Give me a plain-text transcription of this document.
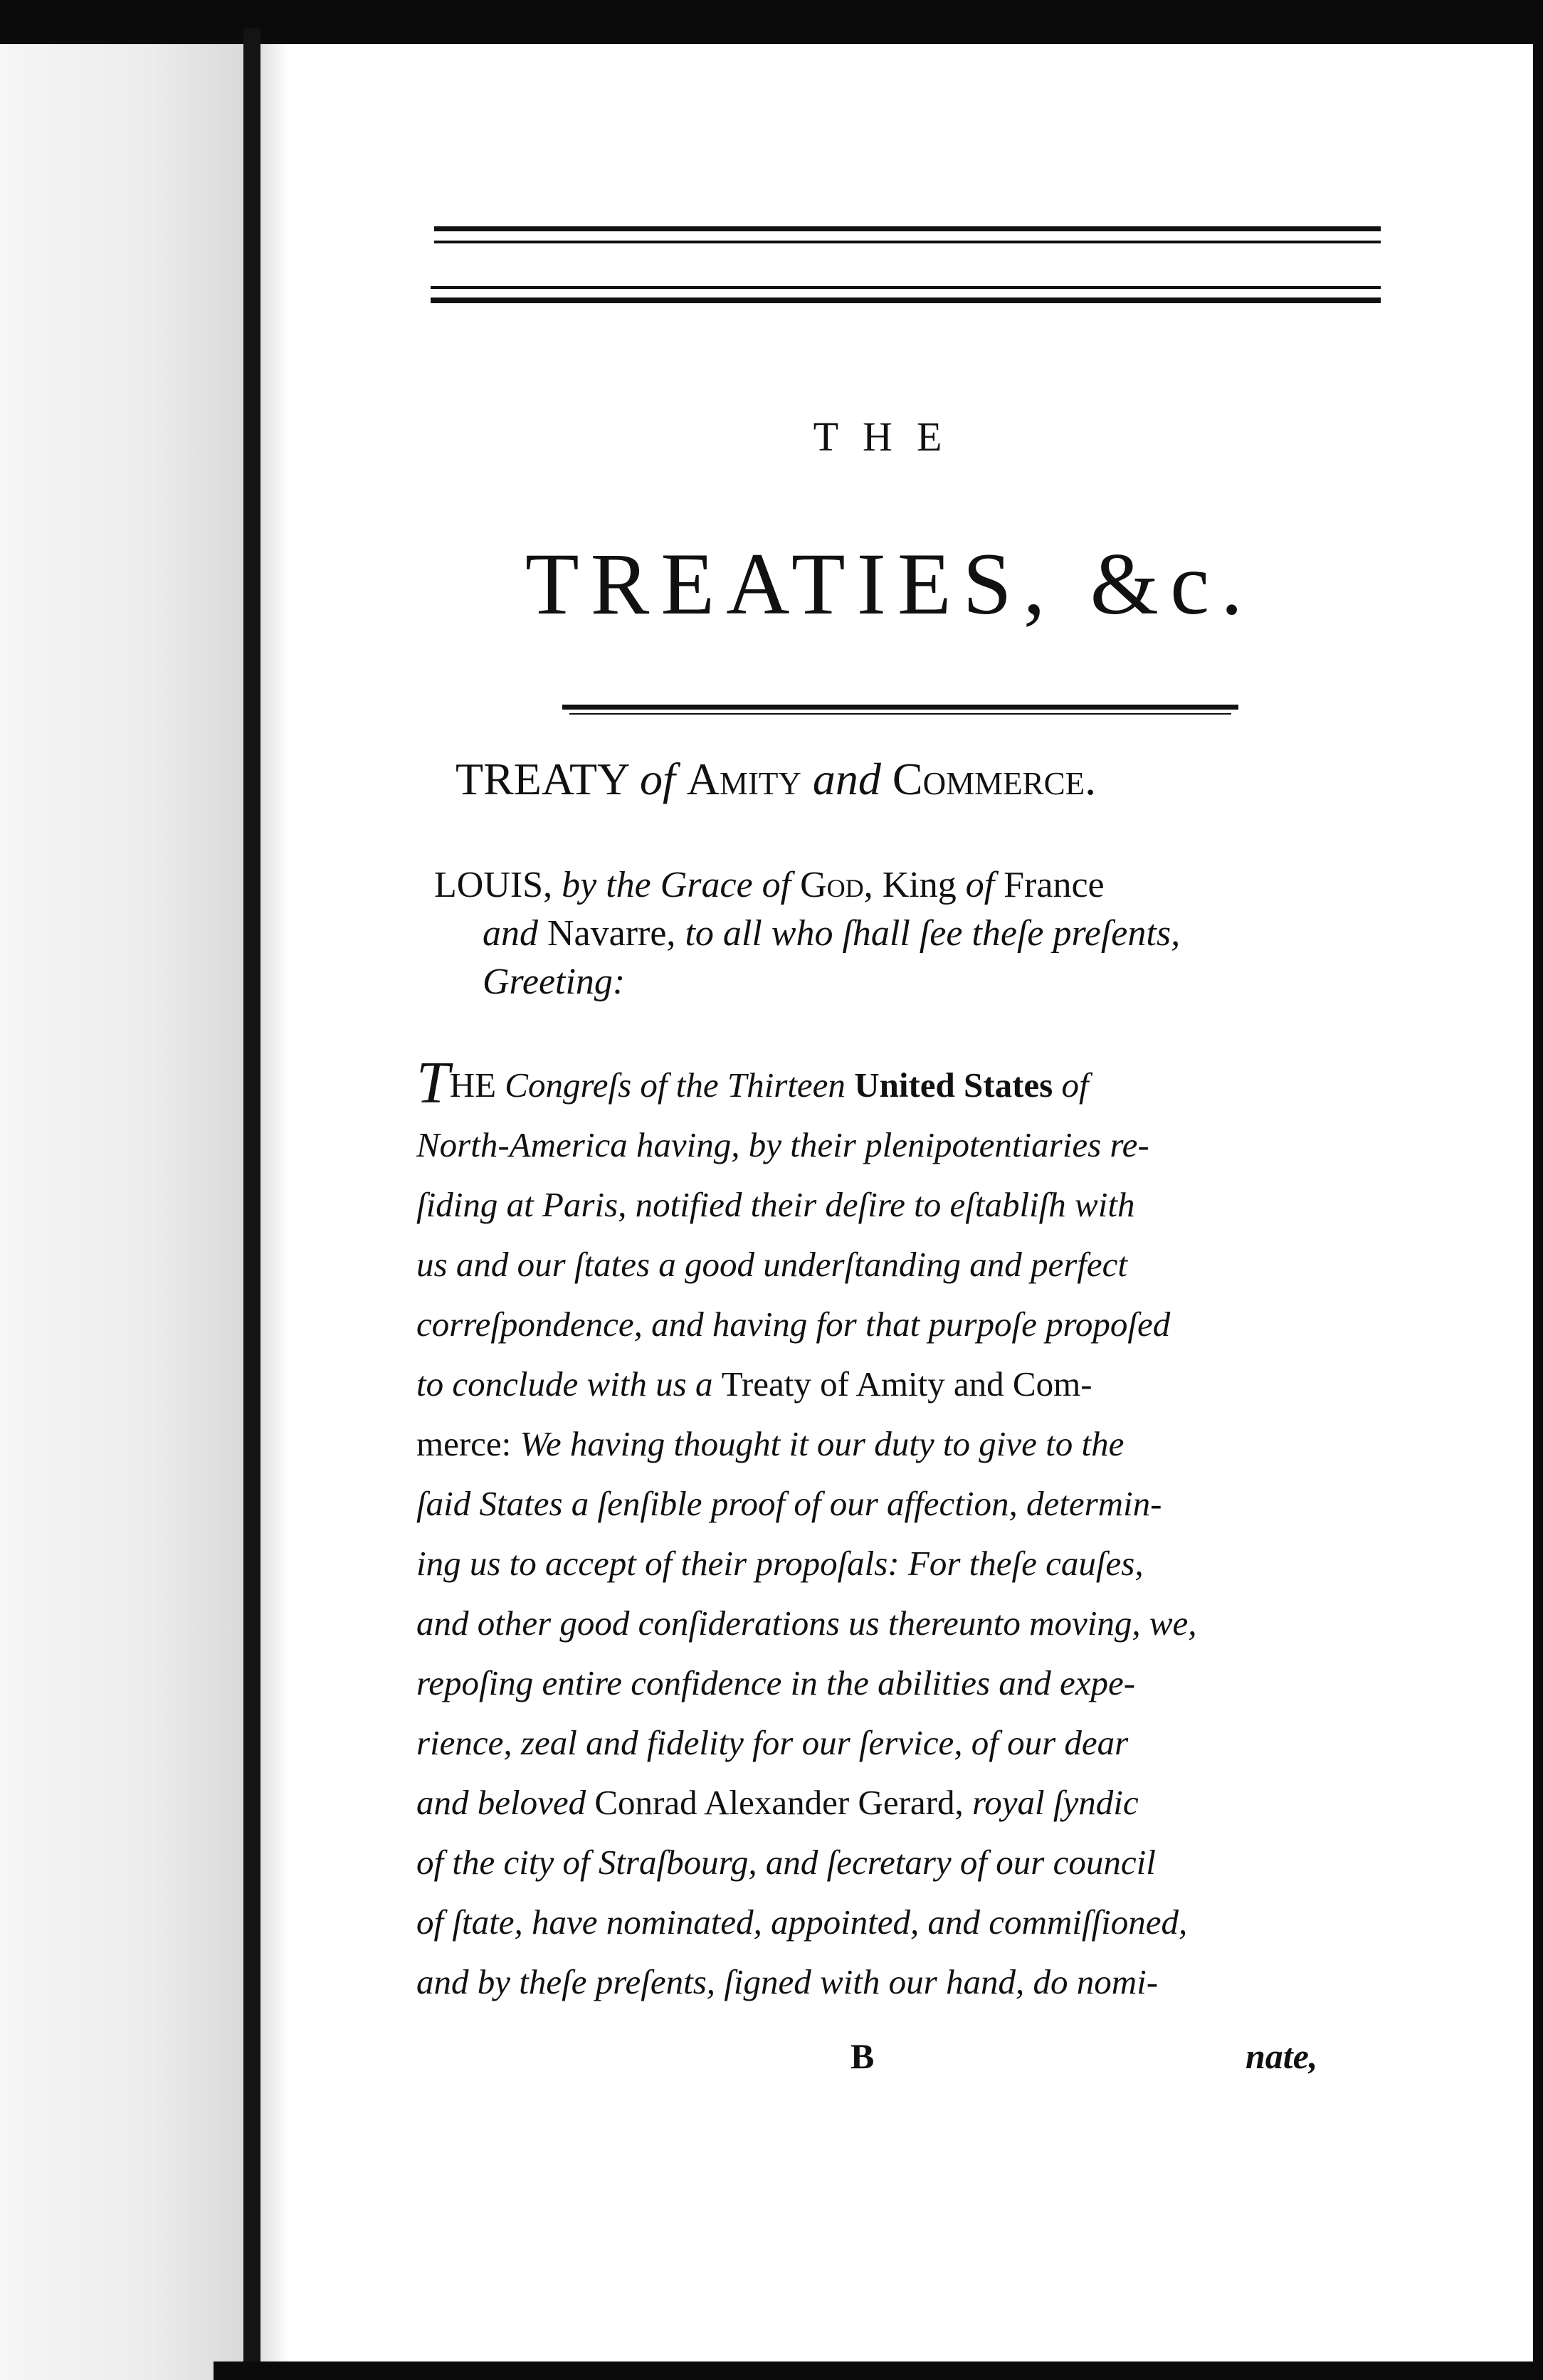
THE
TREATIES, &c.
TREATY of Amity and Commerce.
LOUIS, by the Grace of God, King of France
and Navarre, to all who ſhall ſee theſe preſents,
Greeting:
THE Congreſs of the Thirteen United States of
North-America having, by their plenipotentiaries re-
ſiding at Paris, notified their deſire to eſtabliſh with
us and our ſtates a good underſtanding and perfect
correſpondence, and having for that purpoſe propoſed
to conclude with us a Treaty of Amity and Com-
merce: We having thought it our duty to give to the
ſaid States a ſenſible proof of our affection, determin-
ing us to accept of their propoſals: For theſe cauſes,
and other good conſiderations us thereunto moving, we,
repoſing entire confidence in the abilities and expe-
rience, zeal and fidelity for our ſervice, of our dear
and beloved Conrad Alexander Gerard, royal ſyndic
of the city of Straſbourg, and ſecretary of our council
of ſtate, have nominated, appointed, and commiſſioned,
and by theſe preſents, ſigned with our hand, do nomi-

B	nate,
